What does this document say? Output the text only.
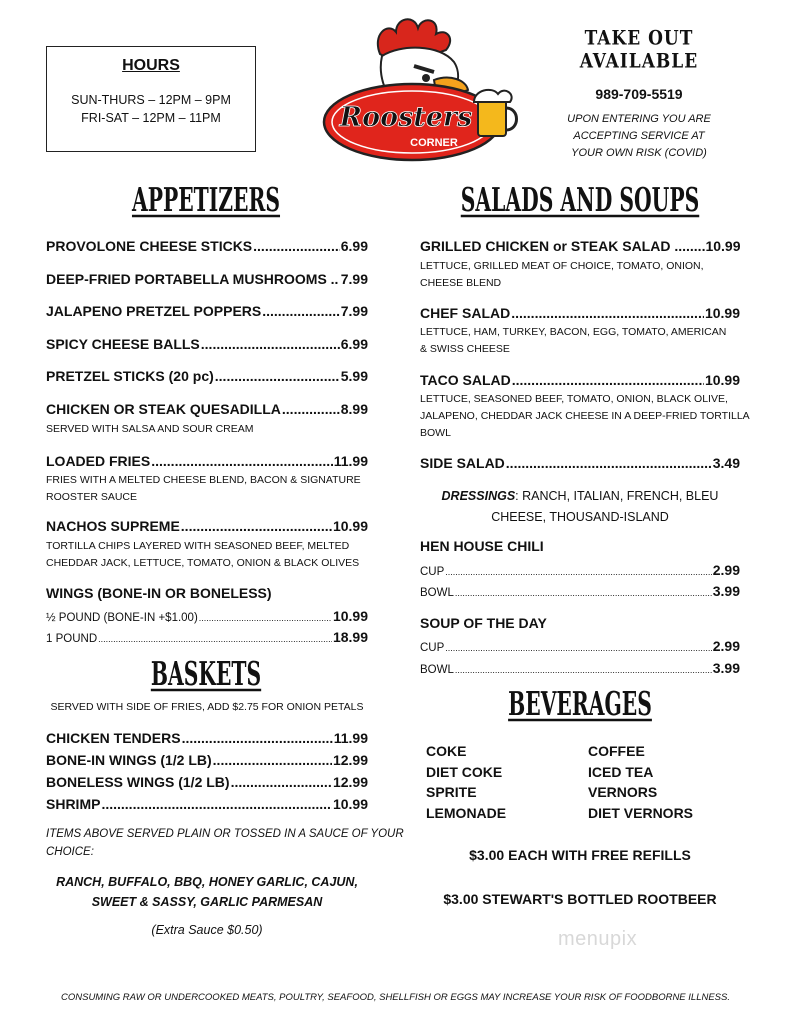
HOURS
SUN-THURS – 12PM – 9PM
FRI-SAT – 12PM – 11PM	Roosters
CORNER
TAKE OUT AVAILABLE
989-709-5519
UPON ENTERING YOU ARE
ACCEPTING SERVICE AT
YOUR OWN RISK (COVID)
APPETIZERS
PROVOLONE CHEESE STICKS .....	6.99
DEEP-FRIED PORTABELLA MUSHROOMS .. ..... 7.99
JALAPENO PRETZEL POPPERS .....	7.99
SPICY CHEESE BALLS .....	6.99
PRETZEL STICKS (20 pc) .....	5.99
CHICKEN OR STEAK QUESADILLA .....	8.99
SERVED WITH SALSA AND SOUR CREAM
LOADED FRIES .....	11.99
FRIES WITH A MELTED CHEESE BLEND, BACON & SIGNATURE
ROOSTER SAUCE
NACHOS SUPREME .....	10.99
TORTILLA CHIPS LAYERED WITH SEASONED BEEF, MELTED
CHEDDAR JACK, LETTUCE, TOMATO, ONION & BLACK OLIVES
WINGS (BONE-IN OR BONELESS)
½ POUND (BONE-IN +$1.00) .....	10.99
1 POUND .....	18.99
BASKETS
SERVED WITH SIDE OF FRIES, ADD $2.75 FOR ONION PETALS
CHICKEN TENDERS .....	11.99
BONE-IN WINGS (1/2 LB) .....	12.99
BONELESS WINGS (1/2 LB) .....	12.99
SHRIMP .....	10.99
ITEMS ABOVE SERVED PLAIN OR TOSSED IN A SAUCE OF YOUR
CHOICE:
RANCH, BUFFALO, BBQ, HONEY GARLIC, CAJUN,
SWEET & SASSY, GARLIC PARMESAN
(Extra Sauce $0.50)
SALADS AND SOUPS
GRILLED CHICKEN or STEAK SALAD ........ 10.99
LETTUCE, GRILLED MEAT OF CHOICE, TOMATO, ONION,
CHEESE BLEND
CHEF SALAD .....	10.99
LETTUCE, HAM, TURKEY, BACON, EGG, TOMATO, AMERICAN
& SWISS CHEESE
TACO SALAD .....	10.99
LETTUCE, SEASONED BEEF, TOMATO, ONION, BLACK OLIVE,
JALAPENO, CHEDDAR JACK CHEESE IN A DEEP-FRIED TORTILLA
BOWL
SIDE SALAD .....	3.49
DRESSINGS: RANCH, ITALIAN, FRENCH, BLEU
CHEESE, THOUSAND-ISLAND
HEN HOUSE CHILI
CUP .....	2.99
BOWL .....	3.99
SOUP OF THE DAY
CUP .....	2.99
BOWL .....	3.99
BEVERAGES
COKE
DIET COKE
SPRITE
LEMONADE
COFFEE
ICED TEA
VERNORS
DIET VERNORS
$3.00 EACH WITH FREE REFILLS
$3.00 STEWART'S BOTTLED ROOTBEER
menupix
CONSUMING RAW OR UNDERCOOKED MEATS, POULTRY, SEAFOOD, SHELLFISH OR EGGS MAY INCREASE YOUR RISK OF FOODBORNE ILLNESS.
